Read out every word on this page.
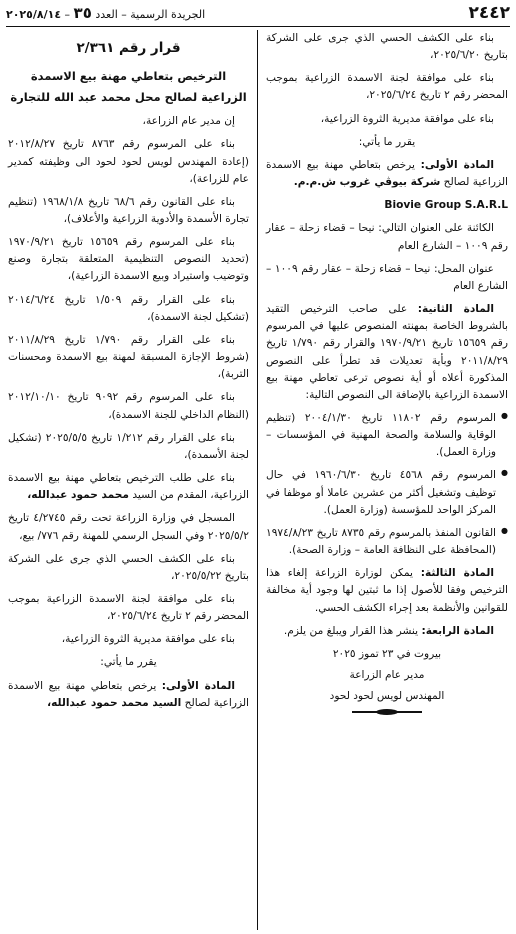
٢٤٤٢
الجريدة الرسمية – العدد ٣٥ – ٢٠٢٥/٨/١٤

بناء على الكشف الحسي الذي جرى على الشركة بتاريخ ٢٠٢٥/٦/٢٠،

بناء على موافقة لجنة الاسمدة الزراعية بموجب المحضر رقم ٢ تاريخ ٢٠٢٥/٦/٢٤،

بناء على موافقة مديرية الثروة الزراعية،

يقرر ما يأتي:

المادة الأولى: يرخص بتعاطي مهنة بيع الاسمدة الزراعية لصالح شركة بيوڤي غروب ش.م.م.

Biovie Group S.A.R.L

الكائنة على العنوان التالي: نيحا – قضاء زحلة – عقار رقم ١٠٠٩ – الشارع العام

عنوان المحل: نيحا – قضاء زحلة – عقار رقم ١٠٠٩ – الشارع العام

المادة الثانية: على صاحب الترخيص التقيد بالشروط الخاصة بمهنته المنصوص عليها في المرسوم رقم ١٥٦٥٩ تاريخ ١٩٧٠/٩/٢١ والقرار رقم ١/٧٩٠ تاريخ ٢٠١١/٨/٢٩ وبأية تعديلات قد تطرأ على النصوص المذكورة أعلاه أو أية نصوص ترعى تعاطي مهنة بيع الاسمدة الزراعية بالإضافة الى النصوص التالية:

● المرسوم رقم ١١٨٠٢ تاريخ ٢٠٠٤/١/٣٠ (تنظيم الوقاية والسلامة والصحة المهنية في المؤسسات – وزارة العمل).

● المرسوم رقم ٤٥٦٨ تاريخ ١٩٦٠/٦/٣٠ في حال توظيف وتشغيل أكثر من عشرين عاملا أو موظفا في المركز الواحد للمؤسسة (وزارة العمل).

● القانون المنفذ بالمرسوم رقم ٨٧٣٥ تاريخ ١٩٧٤/٨/٢٣ (المحافظة على النظافة العامة – وزارة الصحة).

المادة الثالثة: يمكن لوزارة الزراعة إلغاء هذا الترخيص وفقا للأصول إذا ما ثبتين لها وجود أية مخالفة للقوانين والأنظمة بعد إجراء الكشف الحسي.

المادة الرابعة: ينشر هذا القرار ويبلغ من يلزم.

بيروت في ٢٣ تموز ٢٠٢٥

مدير عام الزراعة

المهندس لويس لحود لحود

قرار رقم ٢/٣٦١
الترخيص بتعاطي مهنة بيع الاسمدة الزراعية لصالح محل محمد عبد الله للتجارة

إن مدير عام الزراعة،

بناء على المرسوم رقم ٨٧٦٣ تاريخ ٢٠١٢/٨/٢٧ (إعادة المهندس لويس لحود لحود الى وظيفته كمدير عام للزراعة)،

بناء على القانون رقم ٦٨/٦ تاريخ ١٩٦٨/١/٨ (تنظيم تجارة الأسمدة والأدوية الزراعية والأعلاف)،

بناء على المرسوم رقم ١٥٦٥٩ تاريخ ١٩٧٠/٩/٢١ (تحديد النصوص التنظيمية المتعلقة بتجارة وصنع وتوضيب واستيراد وبيع الاسمدة الزراعية)،

بناء على القرار رقم ١/٥٠٩ تاريخ ٢٠١٤/٦/٢٤ (تشكيل لجنة الاسمدة)،

بناء على القرار رقم ١/٧٩٠ تاريخ ٢٠١١/٨/٢٩ (شروط الإجازة المسبقة لمهنة بيع الاسمدة ومحسنات التربة)،

بناء على المرسوم رقم ٩٠٩٢ تاريخ ٢٠١٢/١٠/١٠ (النظام الداخلي للجنة الاسمدة)،

بناء على القرار رقم ١/٢١٢ تاريخ ٢٠٢٥/٥/٥ (تشكيل لجنة الأسمدة)،

بناء على طلب الترخيص بتعاطي مهنة بيع الاسمدة الزراعية، المقدم من السيد محمد حمود عبدالله،

المسجل في وزارة الزراعة تحت رقم ٤/٢٧٤٥ تاريخ ٢٠٢٥/٥/٢ وفي السجل الرسمي للمهنة رقم ٧٧٦/ بيع،

بناء على الكشف الحسي الذي جرى على الشركة بتاريخ ٢٠٢٥/٥/٢٢،

بناء على موافقة لجنة الاسمدة الزراعية بموجب المحضر رقم ٢ تاريخ ٢٠٢٥/٦/٢٤،

بناء على موافقة مديرية الثروة الزراعية،

يقرر ما يأتي:

المادة الأولى: يرخص بتعاطي مهنة بيع الاسمدة الزراعية لصالح السيد محمد حمود عبدالله،
